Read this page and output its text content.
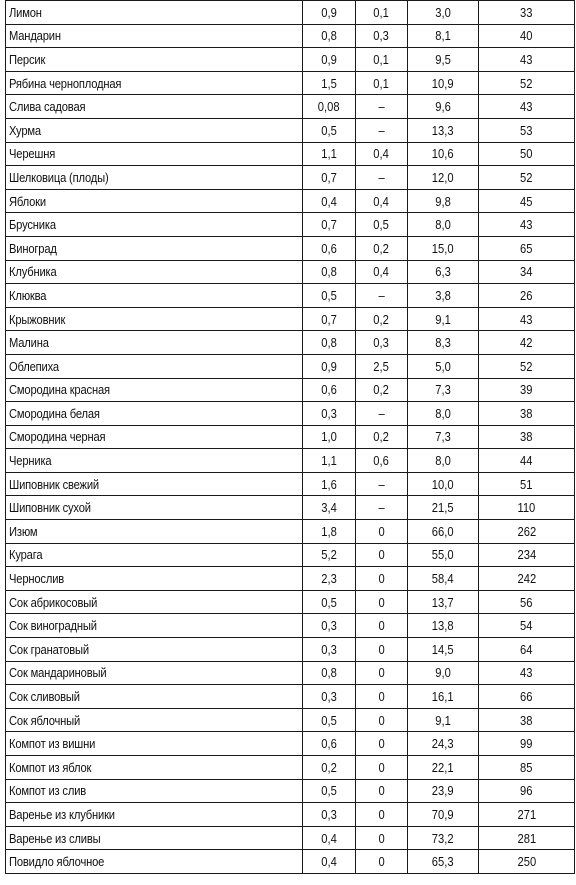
Лимон	0,9	0,1	3,0	33
Мандарин	0,8	0,3	8,1	40
Персик	0,9	0,1	9,5	43
Рябина черноплодная	1,5	0,1	10,9	52
Слива садовая	0,08	–	9,6	43
Хурма	0,5	–	13,3	53
Черешня	1,1	0,4	10,6	50
Шелковица (плоды)	0,7	–	12,0	52
Яблоки	0,4	0,4	9,8	45
Брусника	0,7	0,5	8,0	43
Виноград	0,6	0,2	15,0	65
Клубника	0,8	0,4	6,3	34
Клюква	0,5	–	3,8	26
Крыжовник	0,7	0,2	9,1	43
Малина	0,8	0,3	8,3	42
Облепиха	0,9	2,5	5,0	52
Смородина красная	0,6	0,2	7,3	39
Смородина белая	0,3	–	8,0	38
Смородина черная	1,0	0,2	7,3	38
Черника	1,1	0,6	8,0	44
Шиповник свежий	1,6	–	10,0	51
Шиповник сухой	3,4	–	21,5	110
Изюм	1,8	0	66,0	262
Курага	5,2	0	55,0	234
Чернослив	2,3	0	58,4	242
Сок абрикосовый	0,5	0	13,7	56
Сок виноградный	0,3	0	13,8	54
Сок гранатовый	0,3	0	14,5	64
Сок мандариновый	0,8	0	9,0	43
Сок сливовый	0,3	0	16,1	66
Сок яблочный	0,5	0	9,1	38
Компот из вишни	0,6	0	24,3	99
Компот из яблок	0,2	0	22,1	85
Компот из слив	0,5	0	23,9	96
Варенье из клубники	0,3	0	70,9	271
Варенье из сливы	0,4	0	73,2	281
Повидло яблочное	0,4	0	65,3	250
